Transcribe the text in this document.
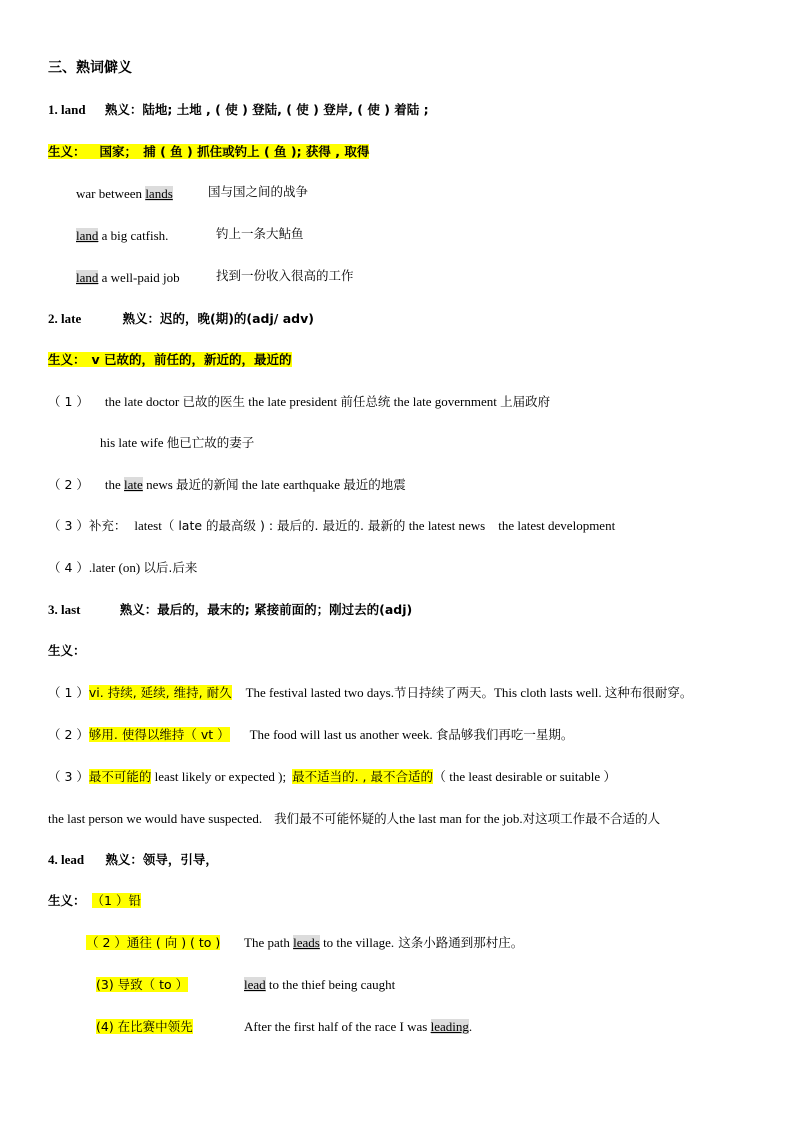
三、熟词僻义
1. land 熟义：陆地; 土地 , ( 使 ) 登陆, ( 使 ) 登岸, ( 使 ) 着陆 ;
生义： 国家；　捕 ( 鱼 ) 抓住或钓上 ( 鱼 ); 获得 , 取得
war between lands	国与国之间的战争
land a big catfish.	钓上一条大鲇鱼
land a well-paid job	找到一份收入很高的工作
2. late	熟义：迟的，晚(期)的(adj/ adv)
生义： v 已故的，前任的，新近的，最近的
（ 1 ） the late doctor 已故的医生 the late president 前任总统 the late government 上届政府
his late wife 他已亡故的妻子
（ 2 ） the late news 最近的新闻 the late earthquake 最近的地震
（ 3 ）补充： latest（ late 的最高级 ) : 最后的. 最近的. 最新的 the latest news　the latest development
（ 4 ）.later (on) 以后.后来
3. last	熟义：最后的，最末的; 紧接前面的；刚过去的(adj)
生义：
（ 1 ）vi. 持续, 延续, 维持, 耐久 The festival lasted two days.节日持续了两天。This cloth lasts well. 这种布很耐穿。
（ 2 ）够用. 使得以维持（ vt ） The food will last us another week. 食品够我们再吃一星期。
（ 3 ）最不可能的 least likely or expected ); 最不适当的. , 最不合适的（ the least desirable or suitable ）
the last person we would have suspected. 我们最不可能怀疑的人the last man for the job.对这项工作最不合适的人
4. lead 熟义：领导，引导，
生义： （1 ）铅
（ 2 ）通往 ( 向 ) ( to ) The path leads to the village. 这条小路通到那村庄。
(3) 导致（ to ）	lead to the thief being caught
(4) 在比赛中领先	After the first half of the race I was leading.
